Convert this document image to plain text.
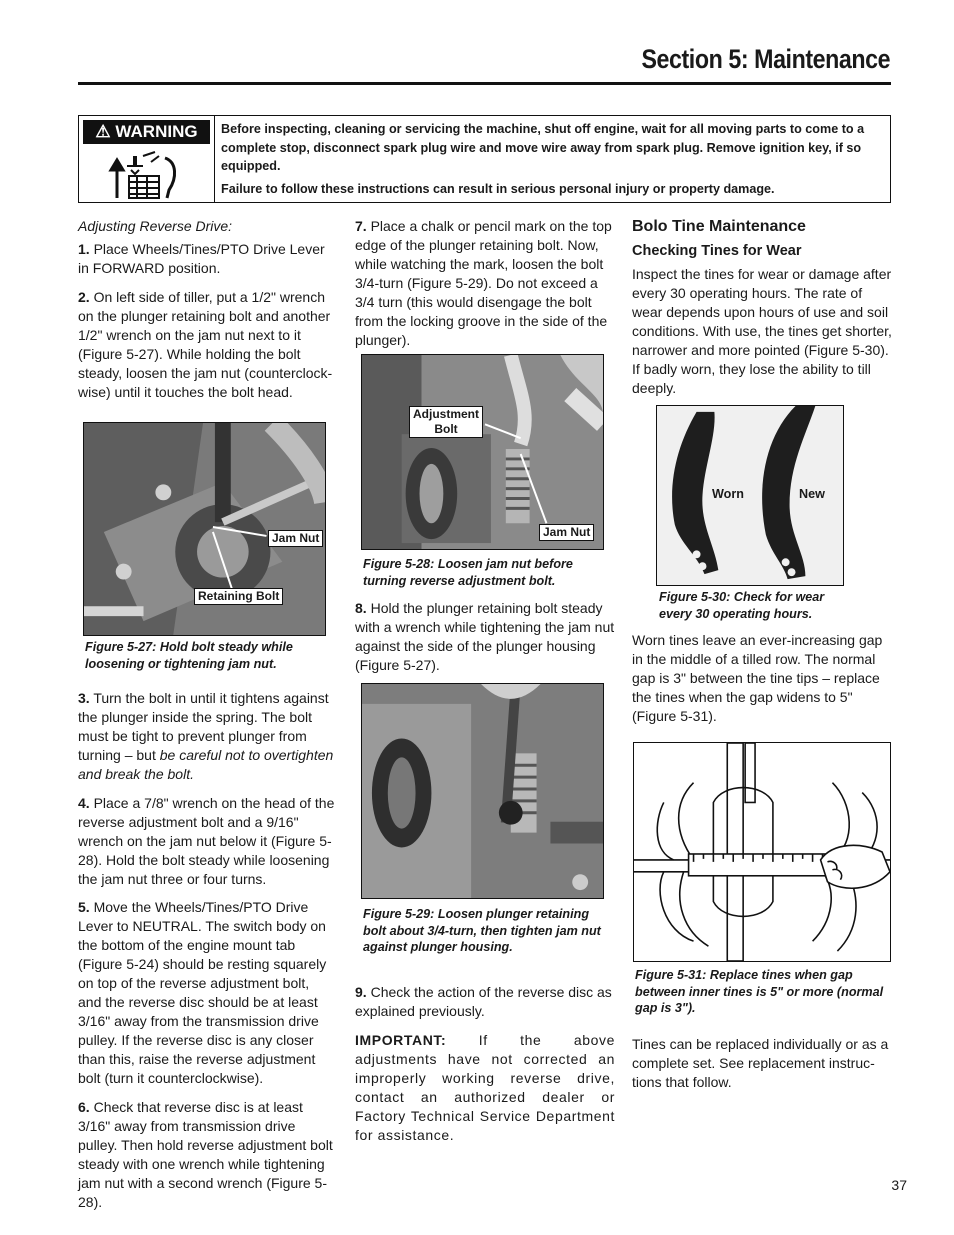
Section 5: Maintenance
⚠ WARNING	Before inspecting, cleaning or servicing the machine, shut off engine, wait for all moving parts to come to a complete stop, disconnect spark plug wire and move wire away from spark plug. Remove ignition key, if so equipped.

Failure to follow these instructions can result in serious personal injury or property damage.

Adjusting Reverse Drive:

1. Place Wheels/Tines/PTO Drive Lever in FORWARD position.

2. On left side of tiller, put a 1/2" wrench on the plunger retaining bolt and another 1/2" wrench on the jam nut next to it (Figure 5-27). While holding the bolt steady, loosen the jam nut (counterclock-wise) until it touches the bolt head.

Jam Nut
Retaining Bolt
Figure 5-27: Hold bolt steady while loosening or tightening jam nut.

3. Turn the bolt in until it tightens against the plunger inside the spring. The bolt must be tight to prevent plunger from turning – but be careful not to overtighten and break the bolt.

4. Place a 7/8" wrench on the head of the reverse adjustment bolt and a 9/16" wrench on the jam nut below it (Figure 5-28). Hold the bolt steady while loosening the jam nut three or four turns.

5. Move the Wheels/Tines/PTO Drive Lever to NEUTRAL. The switch body on the bottom of the engine mount tab (Figure 5-24) should be resting squarely on top of the reverse adjustment bolt, and the reverse disc should be at least 3/16" away from the transmission drive pulley. If the reverse disc is any closer than this, raise the reverse adjustment bolt (turn it counterclockwise).

6. Check that reverse disc is at least 3/16" away from transmission drive pulley. Then hold reverse adjustment bolt steady with one wrench while tightening jam nut with a second wrench (Figure 5-28).

7. Place a chalk or pencil mark on the top edge of the plunger retaining bolt. Now, while watching the mark, loosen the bolt 3/4-turn (Figure 5-29). Do not exceed a 3/4 turn (this would disengage the bolt from the locking groove in the side of the plunger).

Adjustment
Bolt
Jam Nut
Figure 5-28: Loosen jam nut before turning reverse adjustment bolt.

8. Hold the plunger retaining bolt steady with a wrench while tightening the jam nut against the side of the plunger housing (Figure 5-27).

Figure 5-29: Loosen plunger retaining bolt about 3/4-turn, then tighten jam nut against plunger housing.

9. Check the action of the reverse disc as explained previously.

IMPORTANT: If the above adjustments have not corrected an improperly working reverse drive, contact an authorized dealer or Factory Technical Service Department for assistance.

Bolo Tine Maintenance
Checking Tines for Wear

Inspect the tines for wear or damage after every 30 operating hours. The rate of wear depends upon hours of use and soil conditions. With use, the tines get shorter, narrower and more pointed (Figure 5-30). If badly worn, they lose the ability to till deeply.

Worn	New
Figure 5-30: Check for wear every 30 operating hours.

Worn tines leave an ever-increasing gap in the middle of a tilled row. The normal gap is 3" between the tine tips – replace the tines when the gap widens to 5" (Figure 5-31).

Figure 5-31: Replace tines when gap between inner tines is 5" or more (normal gap is 3").

Tines can be replaced individually or as a complete set. See replacement instruc-tions that follow.

37
